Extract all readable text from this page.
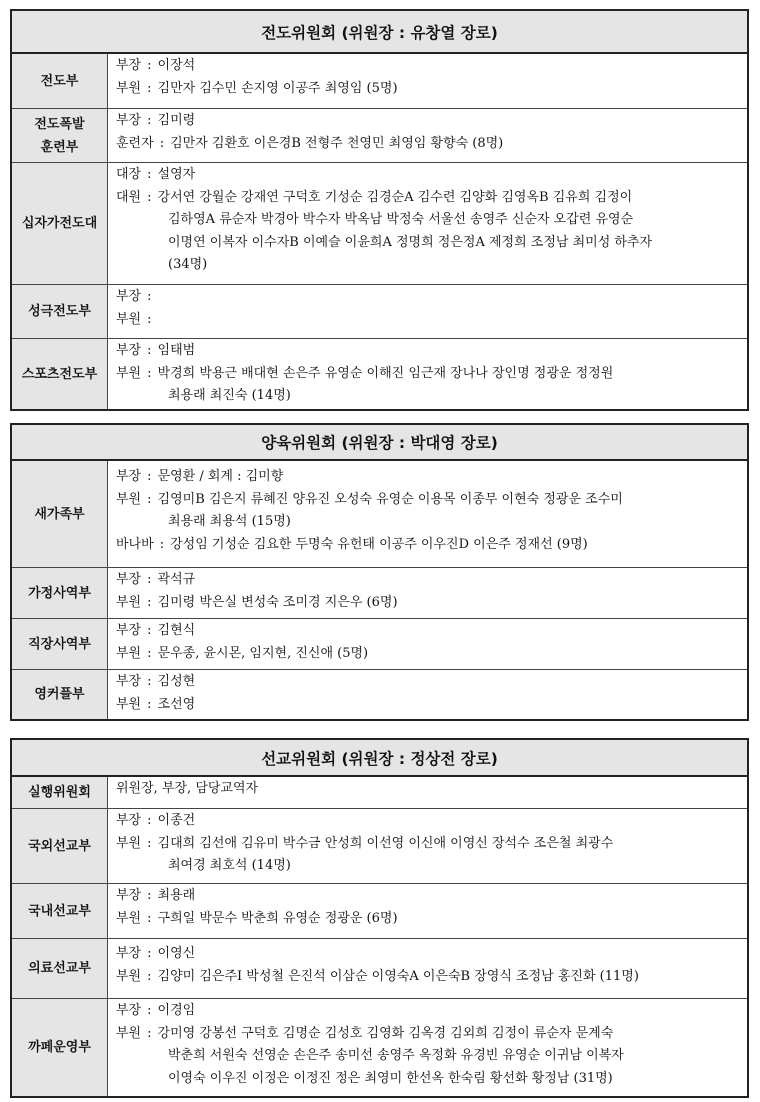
전도위원회 (위원장 : 유창열 장로)
전도부
부장 : 이장석
부원 : 김만자 김수민 손지영 이공주 최영임 (5명)
전도폭발
훈련부
부장 : 김미령
훈련자 : 김만자 김환호 이은경B 전형주 천영민 최영임 황향숙 (8명)
십자가전도대
대장 : 설영자
대원 : 강서연 강월순 강재연 구덕호 기성순 김경순A 김수련 김양화 김영옥B 김유희 김정이
김하영A 류순자 박경아 박수자 박옥남 박정숙 서울선 송영주 신순자 오갑련 유영순
이명연 이복자 이수자B 이예슬 이윤희A 정명희 정은정A 제정희 조정남 최미성 하추자
(34명)
성극전도부
부장 :
부원 :
스포츠전도부
부장 : 임태범
부원 : 박경희 박용근 배대현 손은주 유영순 이해진 임근재 장나나 장인명 정광운 정정원
최용래 최진숙 (14명)
양육위원회 (위원장 : 박대영 장로)
새가족부
부장 : 문영환 / 회계 : 김미향
부원 : 김영미B 김은지 류혜진 양유진 오성숙 유영순 이용목 이종무 이현숙 정광운 조수미
최용래 최용석 (15명)
바나바 : 강성임 기성순 김요한 두명숙 유헌태 이공주 이우진D 이은주 정재선 (9명)
가정사역부
부장 : 곽석규
부원 : 김미령 박은실 변성숙 조미경 지은우 (6명)
직장사역부
부장 : 김현식
부원 : 문우종, 윤시몬, 임지현, 진신애 (5명)
영커플부
부장 : 김성현
부원 : 조선영
선교위원회 (위원장 : 정상전 장로)
실행위원회	위원장, 부장, 담당교역자
국외선교부
부장 : 이종건
부원 : 김대희 김선애 김유미 박수금 안성희 이선영 이신애 이영신 장석수 조은철 최광수
최여경 최호석 (14명)
국내선교부
부장 : 최용래
부원 : 구희일 박문수 박춘희 유영순 정광운 (6명)
의료선교부
부장 : 이영신
부원 : 김양미 김은주I 박성철 은진석 이삼순 이영숙A 이은숙B 장영식 조정남 홍진화 (11명)
까페운영부
부장 : 이경임
부원 : 강미영 강봉선 구덕호 김명순 김성호 김영화 김옥경 김외희 김정이 류순자 문계숙
박춘희 서원숙 선영순 손은주 송미선 송영주 옥정화 유경빈 유영순 이귀남 이복자
이영숙 이우진 이정은 이정진 정은 최영미 한선옥 한숙림 황선화 황정남 (31명)
